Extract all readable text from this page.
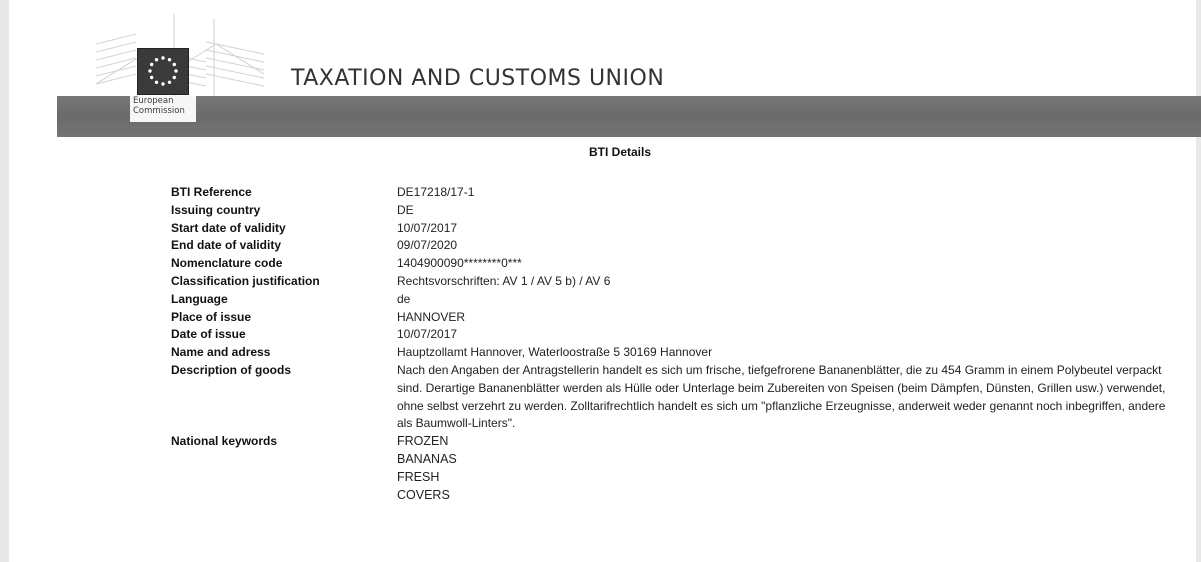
European
Commission
TAXATION AND CUSTOMS UNION
BTI Details
BTI Reference	DE17218/17-1
Issuing country	DE
Start date of validity	10/07/2017
End date of validity	09/07/2020
Nomenclature code	1404900090********0***
Classification justification	Rechtsvorschriften: AV 1 / AV 5 b) / AV 6
Language	de
Place of issue	HANNOVER
Date of issue	10/07/2017
Name and adress	Hauptzollamt Hannover, Waterloostraße 5 30169 Hannover
Description of goods	Nach den Angaben der Antragstellerin handelt es sich um frische, tiefgefrorene Bananenblätter, die zu 454 Gramm in einem Polybeutel verpackt sind. Derartige Bananenblätter werden als Hülle oder Unterlage beim Zubereiten von Speisen (beim Dämpfen, Dünsten, Grillen usw.) verwendet, ohne selbst verzehrt zu werden. Zolltarifrechtlich handelt es sich um "pflanzliche Erzeugnisse, anderweit weder genannt noch inbegriffen, andere als Baumwoll-Linters".
National keywords	FROZEN
BANANAS
FRESH
COVERS
